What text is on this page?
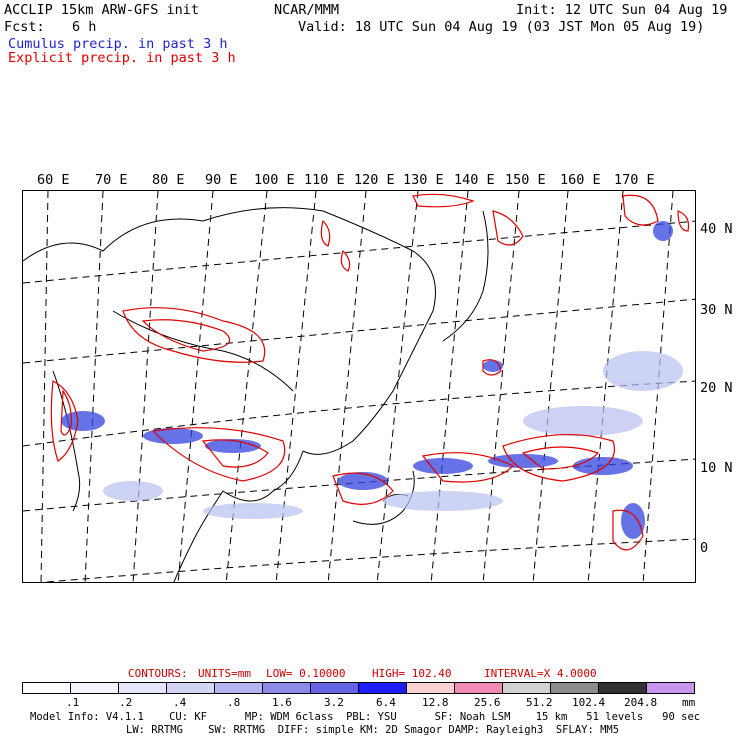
ACCLIP 15km ARW-GFS init	NCAR/MMM	Init: 12 UTC Sun 04 Aug 19
Fcst: 6 h	Valid: 18 UTC Sun 04 Aug 19 (03 JST Mon 05 Aug 19)
Cumulus precip. in past 3 h
Explicit precip. in past 3 h
60 E 70 E 80 E 90 E 100 E 110 E 120 E 130 E 140 E 150 E 160 E 170 E
40 N
30 N
20 N
10 N
0
CONTOURS: UNITS=mm LOW= 0.10000 HIGH= 102.40	INTERVAL=X 4.0000
.1	.2	.4	.8	1.6	3.2	6.4 12.8 25.6 51.2 102.4 204.8 mm
Model Info: V4.1.1    CU: KF      MP: WDM 6class  PBL: YSU      SF: Noah LSM    15 km   51 levels   90 sec
LW: RRTMG    SW: RRTMG  DIFF: simple KM: 2D Smagor DAMP: Rayleigh3  SFLAY: MM5
